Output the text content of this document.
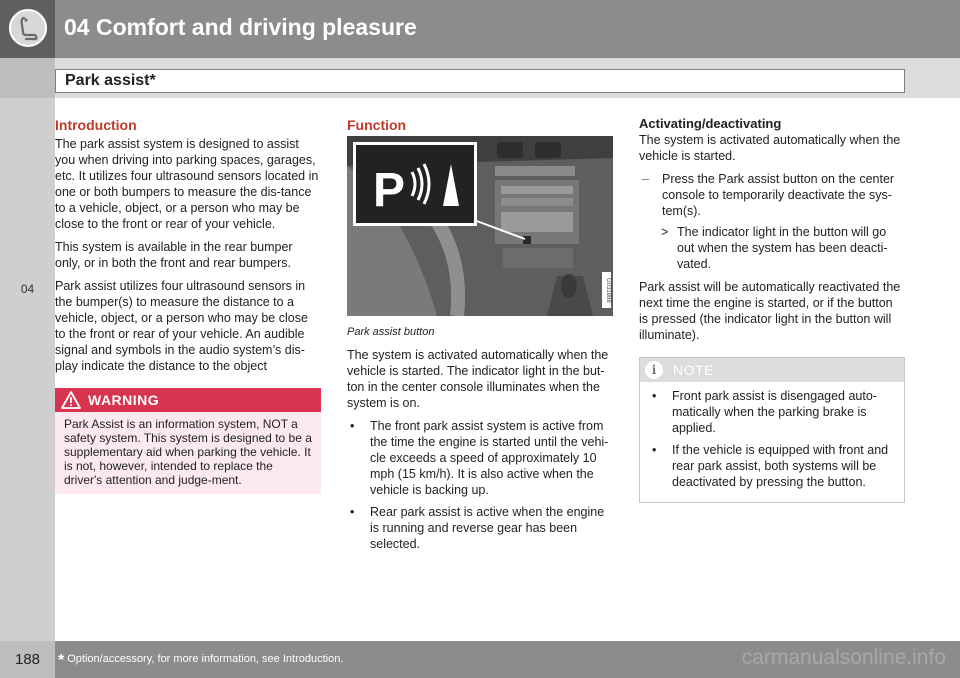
04 Comfort and driving pleasure
Park assist*
04
Introduction

The park assist system is designed to assist you when driving into parking spaces, garages, etc. It utilizes four ultrasound sensors located in one or both bumpers to measure the dis-tance to a vehicle, object, or a person who may be close to the front or rear of your vehicle.

This system is available in the rear bumper only, or in both the front and rear bumpers.

Park assist utilizes four ultrasound sensors in the bumper(s) to measure the distance to a vehicle, object, or a person who may be close to the front or rear of your vehicle. An audible signal and symbols in the audio system’s dis-play indicate the distance to the object

WARNING
Park Assist is an information system, NOT a safety system. This system is designed to be a supplementary aid when parking the vehicle. It is not, however, intended to replace the driver's attention and judge-ment.
Function
P
G031888
Park assist button

The system is activated automatically when the vehicle is started. The indicator light in the but-ton in the center console illuminates when the system is on.

• The front park assist system is active from the time the engine is started until the vehi-cle exceeds a speed of approximately 10 mph (15 km/h). It is also active when the vehicle is backing up.
• Rear park assist is active when the engine is running and reverse gear has been selected.
Activating/deactivating

The system is activated automatically when the vehicle is started.

– Press the Park assist button on the center console to temporarily deactivate the sys-tem(s).
> The indicator light in the button will go out when the system has been deacti-vated.

Park assist will be automatically reactivated the next time the engine is started, or if the button is pressed (the indicator light in the button will illuminate).

i	NOTE
• Front park assist is disengaged auto-matically when the parking brake is applied.
• If the vehicle is equipped with front and rear park assist, both systems will be deactivated by pressing the button.
188	* Option/accessory, for more information, see Introduction.	carmanualsonline.info
